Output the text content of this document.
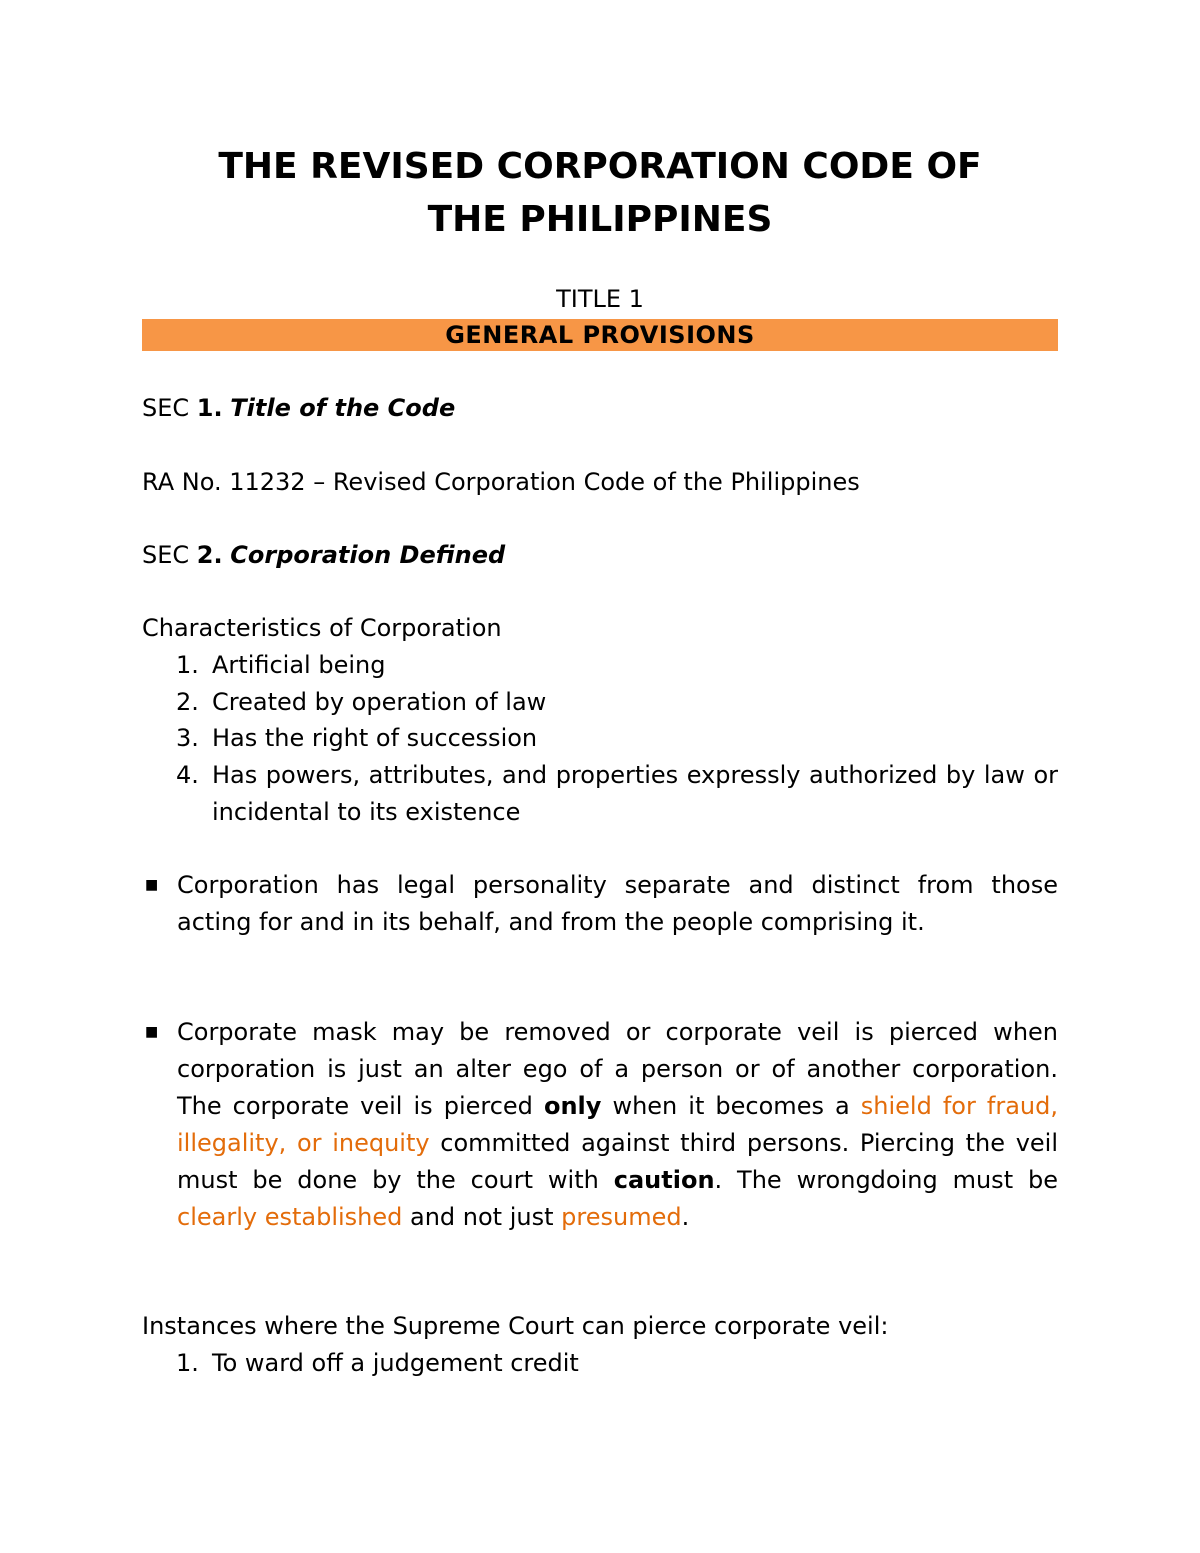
THE REVISED CORPORATION CODE OF
THE PHILIPPINES
TITLE 1
GENERAL PROVISIONS
SEC 1. Title of the Code
RA No. 11232 – Revised Corporation Code of the Philippines
SEC 2. Corporation Defined
Characteristics of Corporation
1. Artificial being
2. Created by operation of law
3. Has the right of succession
4. Has powers, attributes, and properties expressly authorized by law or incidental to its existence
■ Corporation has legal personality separate and distinct from those acting for and in its behalf, and from the people comprising it.
■ Corporate mask may be removed or corporate veil is pierced when corporation is just an alter ego of a person or of another corporation. The corporate veil is pierced only when it becomes a shield for fraud, illegality, or inequity committed against third persons. Piercing the veil must be done by the court with caution. The wrongdoing must be clearly established and not just presumed.
Instances where the Supreme Court can pierce corporate veil:
1. To ward off a judgement credit
